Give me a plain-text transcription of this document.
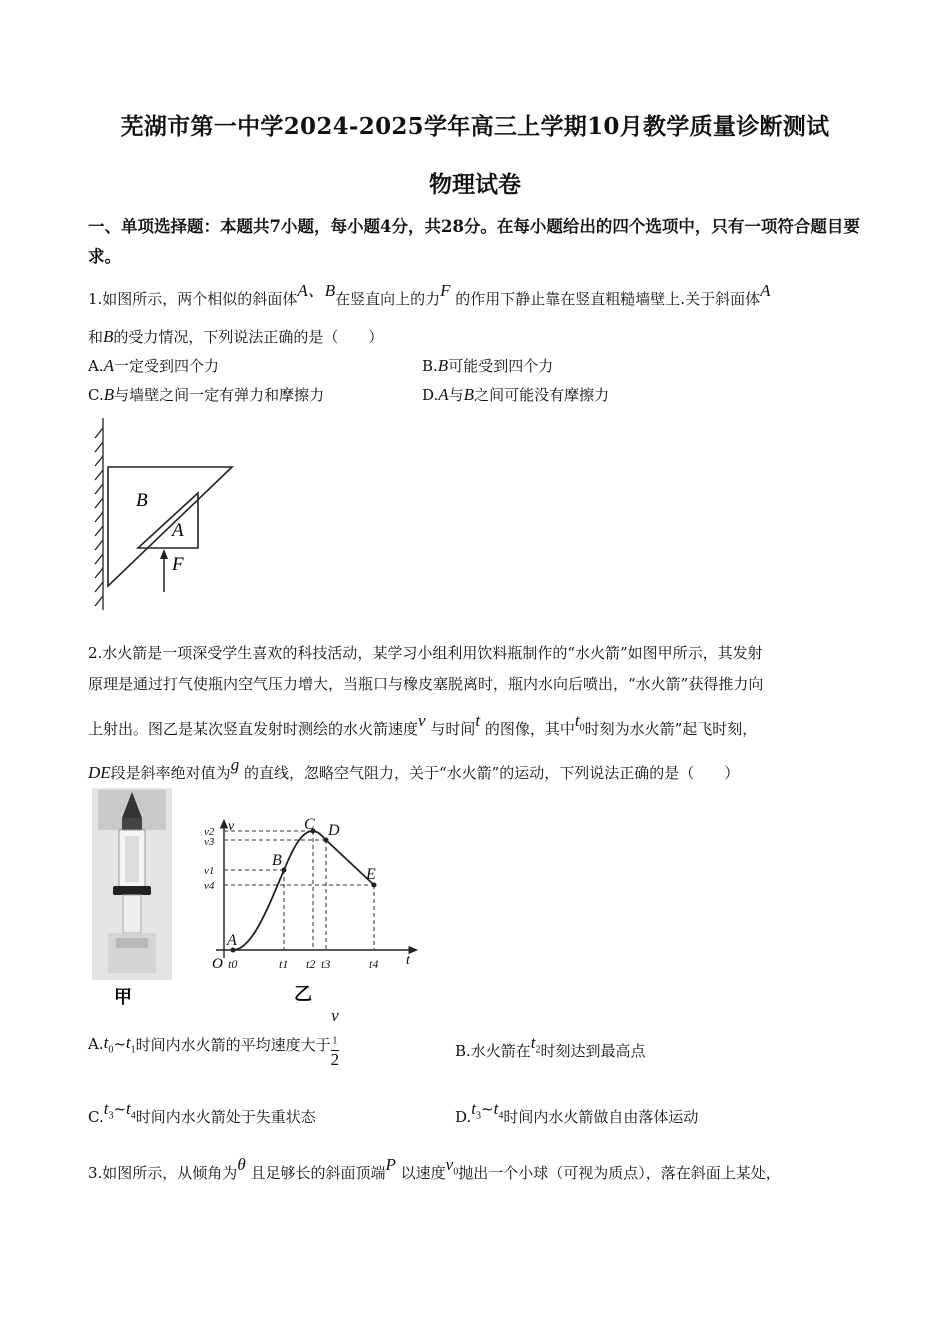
芜湖市第一中学2024-2025学年高三上学期10月教学质量诊断测试
物理试卷
一、单项选择题：本题共7小题，每小题4分，共28分。在每小题给出的四个选项中，只有一项符合题目要求。
1.如图所示，两个相似的斜面体A、B在竖直向上的力F 的作用下静止靠在竖直粗糙墙壁上.关于斜面体A
和B的受力情况，下列说法正确的是（　　）
A.A一定受到四个力	B.B可能受到四个力
C.B与墙壁之间一定有弹力和摩擦力	D.A与B之间可能没有摩擦力
B
A
F
2.水火箭是一项深受学生喜欢的科技活动，某学习小组利用饮料瓶制作的“水火箭”如图甲所示，其发射
原理是通过打气使瓶内空气压力增大，当瓶口与橡皮塞脱离时，瓶内水向后喷出，“水火箭”获得推力向
上射出。图乙是某次竖直发射时测绘的水火箭速度v 与时间t 的图像，其中$t_0$时刻为水火箭”起飞时刻，
DE段是斜率绝对值为g 的直线，忽略空气阻力，关于“水火箭”的运动，下列说法正确的是（　　）
甲
A
B
C D
E
v2
v3
v1
v4
t0	t1 t2 t3	t4
O
v
t
乙
A. $t_0$ ~ $t_1$ 时间内水火箭的平均速度大于 v
$_1$
2	B.水火箭在$t_2$时刻达到最高点
$C.t_3\sim t_4$时间内水火箭处于失重状态	$D.t_3\sim t_4$时间内水火箭做自由落体运动
3.如图所示，从倾角为θ 且足够长的斜面顶端P 以速度$v_0$抛出一个小球（可视为质点），落在斜面上某处，
